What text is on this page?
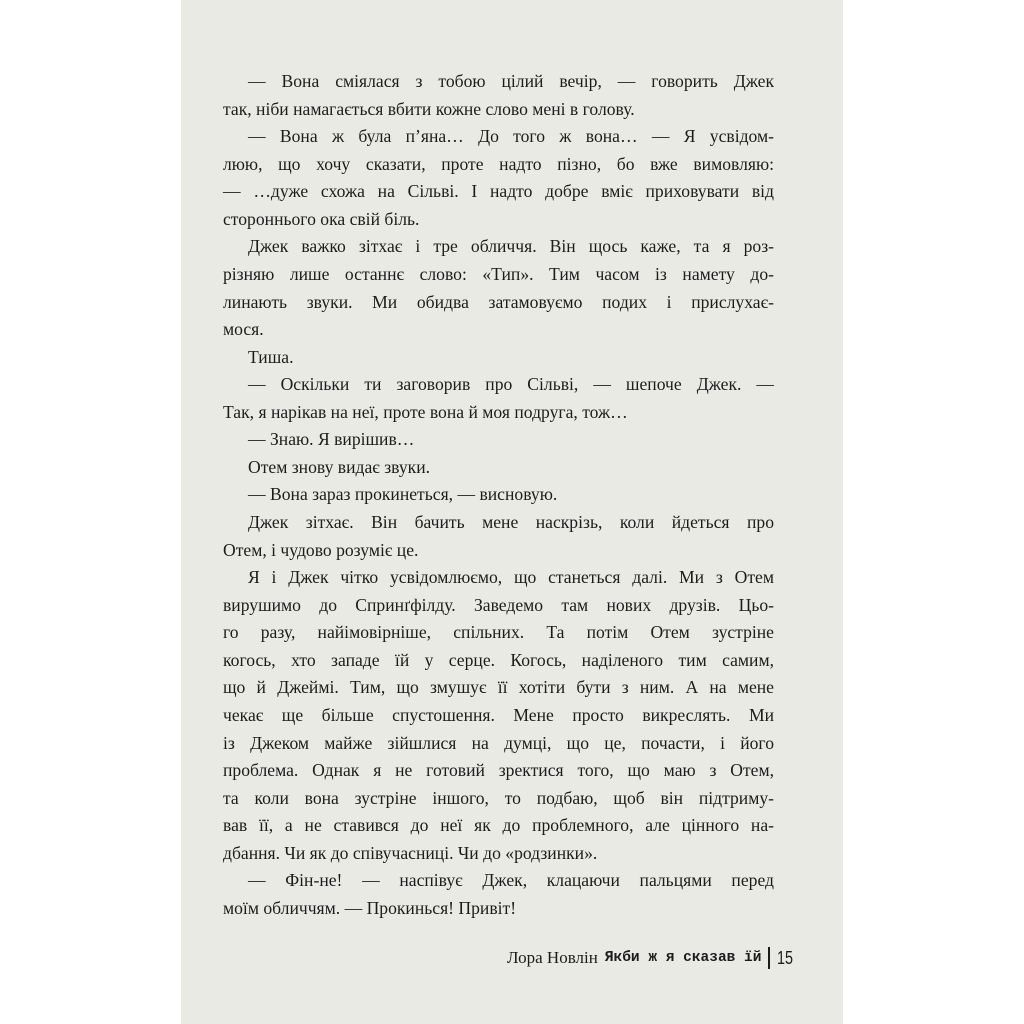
— Вона сміялася з тобою цілий вечір, — говорить Джек
так, ніби намагається вбити кожне слово мені в голову.
— Вона ж була п’яна… До того ж вона… — Я усвідом-
люю, що хочу сказати, проте надто пізно, бо вже вимовляю:
— …дуже схожа на Сільві. І надто добре вміє приховувати від
стороннього ока свій біль.
Джек важко зітхає і тре обличчя. Він щось каже, та я роз-
різняю лише останнє слово: «Тип». Тим часом із намету до-
линають звуки. Ми обидва затамовуємо подих і прислухає-
мося.
Тиша.
— Оскільки ти заговорив про Сільві, — шепоче Джек. —
Так, я нарікав на неї, проте вона й моя подруга, тож…
— Знаю. Я вирішив…
Отем знову видає звуки.
— Вона зараз прокинеться, — висновую.
Джек зітхає. Він бачить мене наскрізь, коли йдеться про
Отем, і чудово розуміє це.
Я і Джек чітко усвідомлюємо, що станеться далі. Ми з Отем
вирушимо до Спринґфілду. Заведемо там нових друзів. Цьо-
го разу, найімовірніше, спільних. Та потім Отем зустріне
когось, хто западе їй у серце. Когось, наділеного тим самим,
що й Джеймі. Тим, що змушує її хотіти бути з ним. А на мене
чекає ще більше спустошення. Мене просто викреслять. Ми
із Джеком майже зійшлися на думці, що це, почасти, і його
проблема. Однак я не готовий зректися того, що маю з Отем,
та коли вона зустріне іншого, то подбаю, щоб він підтриму-
вав її, а не ставився до неї як до проблемного, але цінного на-
дбання. Чи як до співучасниці. Чи до «родзинки».
— Фін-не! — наспівує Джек, клацаючи пальцями перед
моїм обличчям. — Прокинься! Привіт!
Лора Новлін Якби ж я сказав їй 15
